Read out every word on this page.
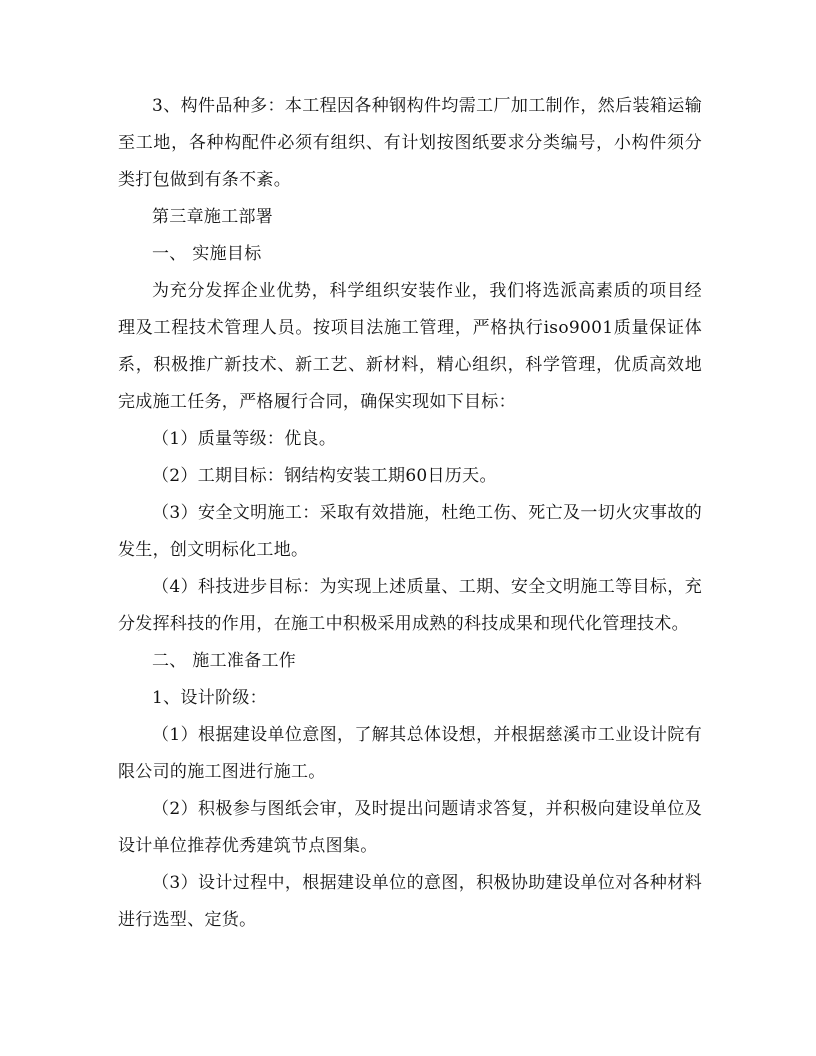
3、构件品种多：本工程因各种钢构件均需工厂加工制作，然后装箱运输至工地，各种构配件必须有组织、有计划按图纸要求分类编号，小构件须分类打包做到有条不紊。

第三章施工部署

一、 实施目标

为充分发挥企业优势，科学组织安装作业，我们将选派高素质的项目经理及工程技术管理人员。按项目法施工管理，严格执行iso9001质量保证体系，积极推广新技术、新工艺、新材料，精心组织，科学管理，优质高效地完成施工任务，严格履行合同，确保实现如下目标：

（1）质量等级：优良。

（2）工期目标：钢结构安装工期60日历天。

（3）安全文明施工：采取有效措施，杜绝工伤、死亡及一切火灾事故的发生，创文明标化工地。

（4）科技进步目标：为实现上述质量、工期、安全文明施工等目标，充分发挥科技的作用，在施工中积极采用成熟的科技成果和现代化管理技术。

二、 施工准备工作

1、设计阶级：

（1）根据建设单位意图，了解其总体设想，并根据慈溪市工业设计院有限公司的施工图进行施工。

（2）积极参与图纸会审，及时提出问题请求答复，并积极向建设单位及设计单位推荐优秀建筑节点图集。

（3）设计过程中，根据建设单位的意图，积极协助建设单位对各种材料进行选型、定货。
